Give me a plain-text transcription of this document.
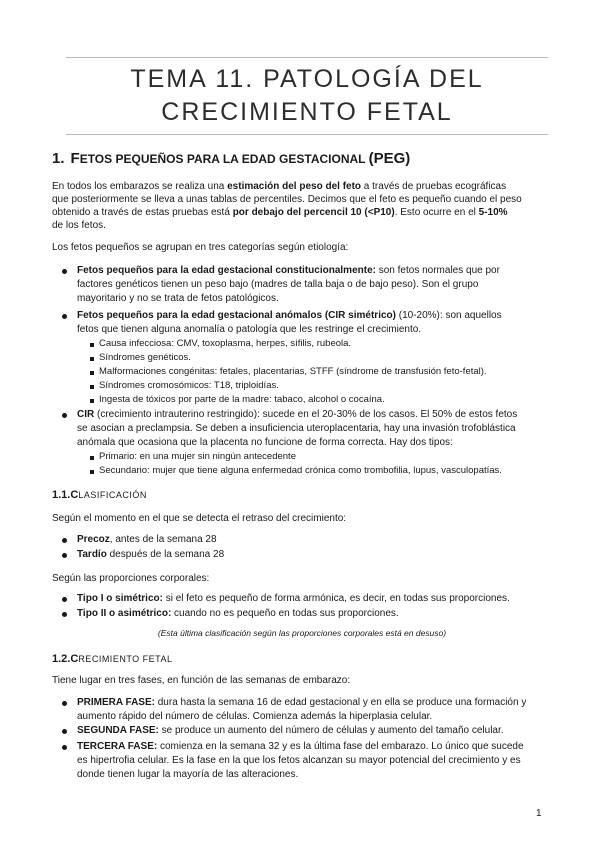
TEMA 11. PATOLOGÍA DEL
CRECIMIENTO FETAL
1. FETOS PEQUEÑOS PARA LA EDAD GESTACIONAL (PEG)
En todos los embarazos se realiza una estimación del peso del feto a través de pruebas ecográficas
que posteriormente se lleva a unas tablas de percentiles. Decimos que el feto es pequeño cuando el peso
obtenido a través de estas pruebas está por debajo del percencil 10 (<P10). Esto ocurre en el 5-10%
de los fetos.
Los fetos pequeños se agrupan en tres categorías según etiología:
Fetos pequeños para la edad gestacional constitucionalmente: son fetos normales que por
factores genéticos tienen un peso bajo (madres de talla baja o de bajo peso). Son el grupo
mayoritario y no se trata de fetos patológicos.
Fetos pequeños para la edad gestacional anómalos (CIR simétrico) (10-20%): son aquellos
fetos que tienen alguna anomalía o patología que les restringe el crecimiento.
Causa infecciosa: CMV, toxoplasma, herpes, sífilis, rubeola.
Síndromes genéticos.
Malformaciones congénitas: fetales, placentarias, STFF (síndrome de transfusión feto-fetal).
Síndromes cromosómicos: T18, triploidías.
Ingesta de tóxicos por parte de la madre: tabaco, alcohol o cocaína.
CIR (crecimiento intrauterino restringido): sucede en el 20-30% de los casos. El 50% de estos fetos
se asocian a preclampsia. Se deben a insuficiencia uteroplacentaria, hay una invasión trofoblástica
anómala que ocasiona que la placenta no funcione de forma correcta. Hay dos tipos:
Primario: en una mujer sin ningún antecedente
Secundario: mujer que tiene alguna enfermedad crónica como trombofilia, lupus, vasculopatías.
1.1.CLASIFICACIÓN
Según el momento en el que se detecta el retraso del crecimiento:
Precoz, antes de la semana 28
Tardío después de la semana 28
Según las proporciones corporales:
Tipo I o simétrico: si el feto es pequeño de forma armónica, es decir, en todas sus proporciones.
Tipo II o asimétrico: cuando no es pequeño en todas sus proporciones.
(Esta última clasificación según las proporciones corporales está en desuso)
1.2.CRECIMIENTO FETAL
Tiene lugar en tres fases, en función de las semanas de embarazo:
PRIMERA FASE: dura hasta la semana 16 de edad gestacional y en ella se produce una formación y
aumento rápido del número de células. Comienza además la hiperplasia celular.
SEGUNDA FASE: se produce un aumento del número de células y aumento del tamaño celular.
TERCERA FASE: comienza en la semana 32 y es la última fase del embarazo. Lo único que sucede
es hipertrofia celular. Es la fase en la que los fetos alcanzan su mayor potencial del crecimiento y es
donde tienen lugar la mayoría de las alteraciones.
1
